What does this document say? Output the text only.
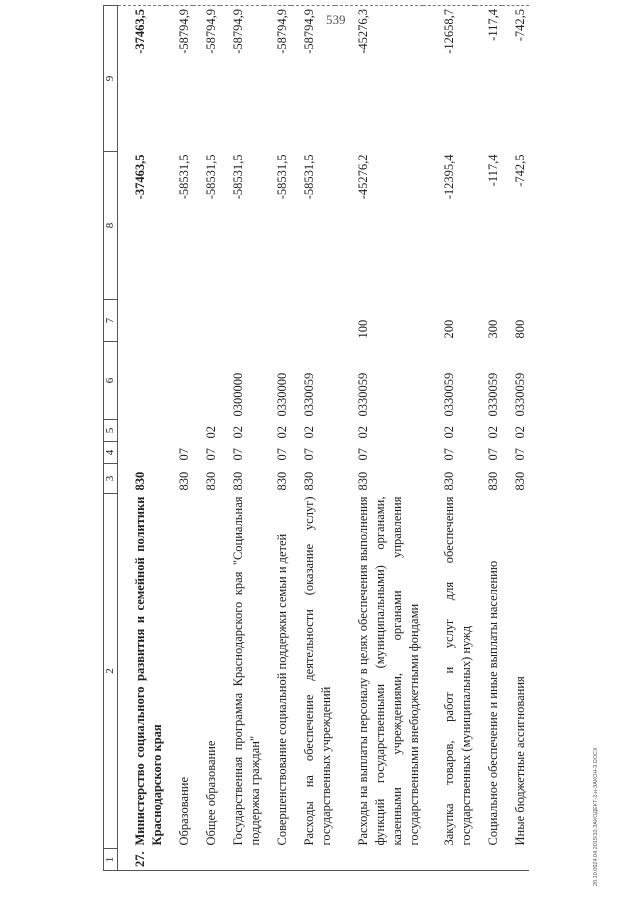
539
20.10.0624.04.2015\10.ЗАКОДЕКТ-2-н-ЗАКОН-3.DOCX
1	2	3	4	5	6	7	8	9
27.	Министерство социального развития и семейной политики Краснодарского края	830					-37463,5	-37463,5
	Образование	830	07				-58531,5	-58794,9
	Общее образование	830	07	02			-58531,5	-58794,9
	Государственная программа Краснодарского края "Социальная поддержка граждан"	830	07	02	0300000		-58531,5	-58794,9
	Совершенствование социальной поддержки семьи и детей	830	07	02	0330000		-58531,5	-58794,9
	Расходы на обеспечение деятельности (оказание услуг) государственных учреждений	830	07	02	0330059		-58531,5	-58794,9
	Расходы на выплаты персоналу в целях обеспечения выполнения функций государственными (муниципальными) органами, казенными учреждениями, органами управления государственными внебюджетными фондами	830	07	02	0330059	100	-45276,2	-45276,3
	Закупка товаров, работ и услуг для обеспечения государственных (муниципальных) нужд	830	07	02	0330059	200	-12395,4	-12658,7
	Социальное обеспечение и иные выплаты населению	830	07	02	0330059	300	-117,4	-117,4
	Иные бюджетные ассигнования	830	07	02	0330059	800	-742,5	-742,5
